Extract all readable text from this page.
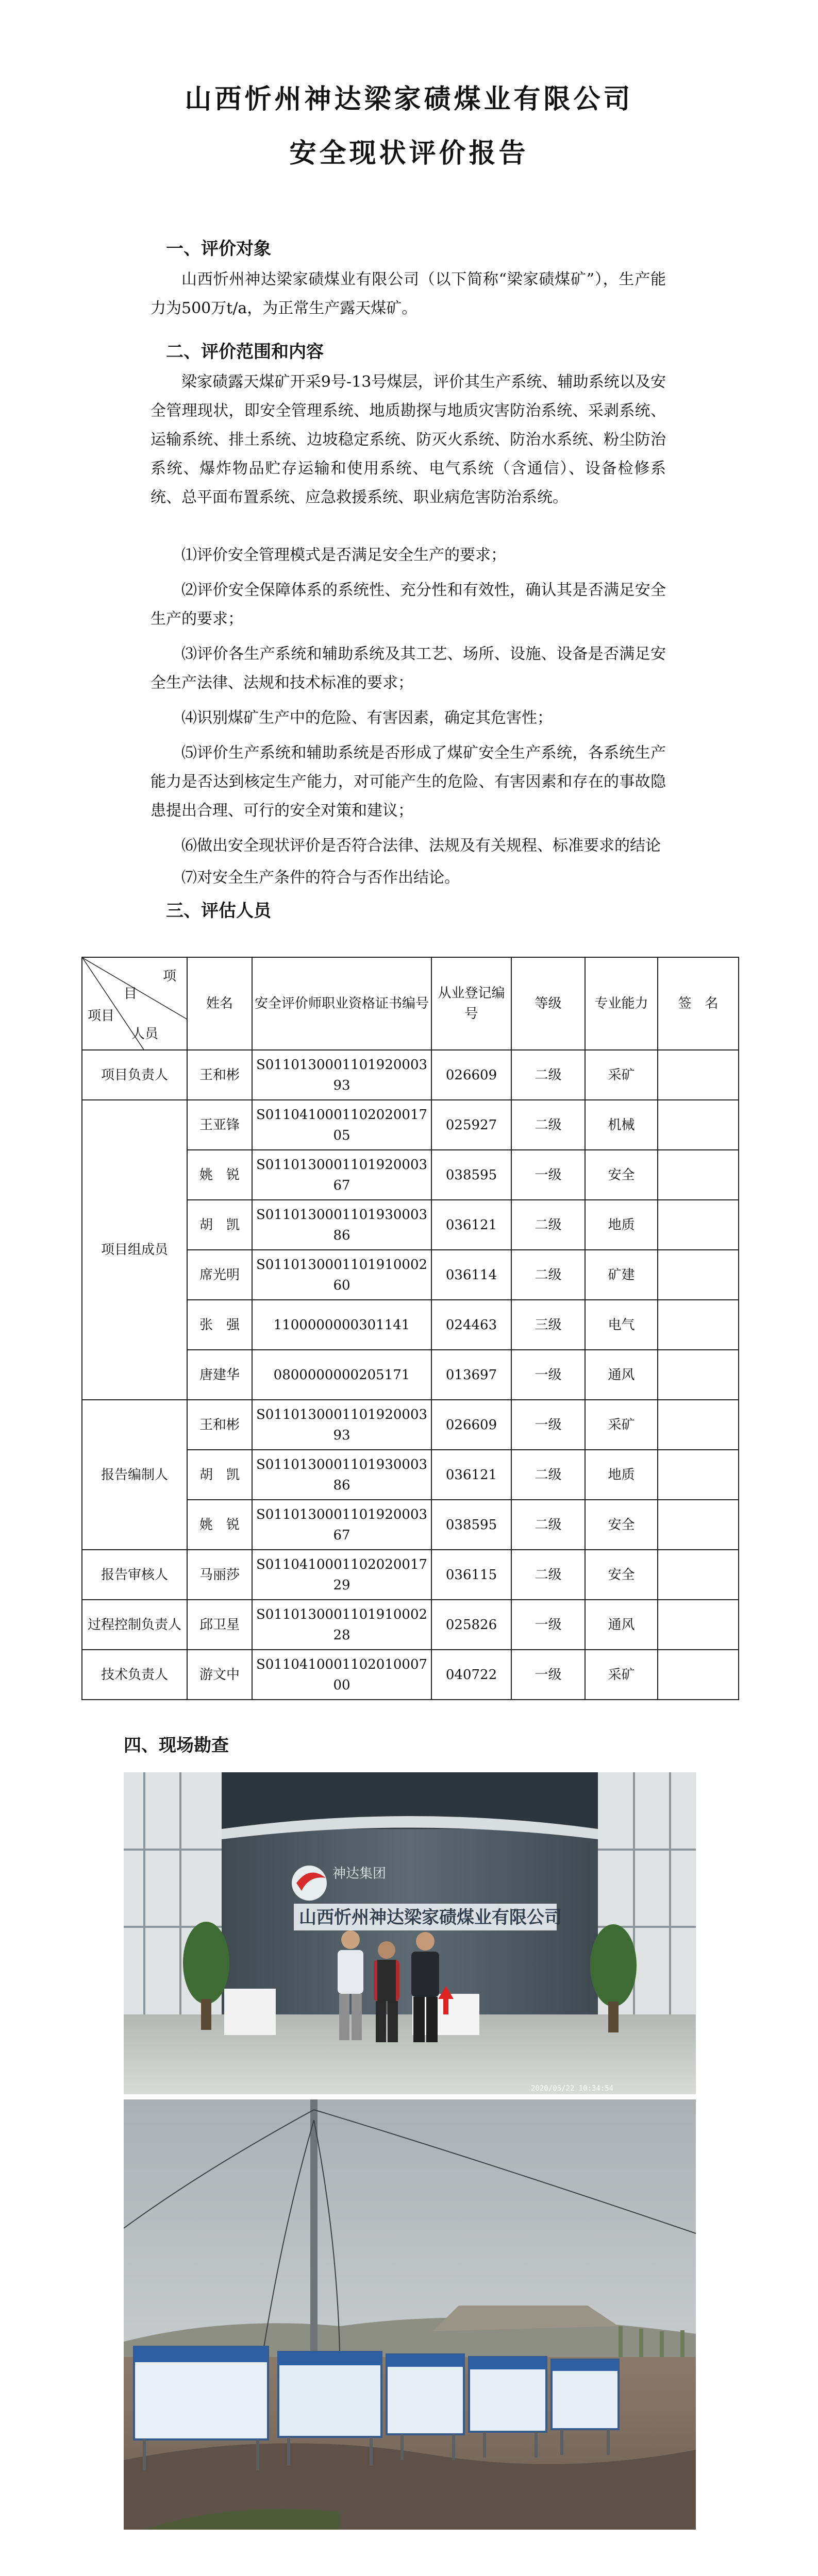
山西忻州神达梁家碛煤业有限公司
安全现状评价报告
一、评价对象
山西忻州神达梁家碛煤业有限公司（以下简称“梁家碛煤矿”），生产能力为500万t/a，为正常生产露天煤矿。
二、评价范围和内容
梁家碛露天煤矿开采9号-13号煤层，评价其生产系统、辅助系统以及安全管理现状，即安全管理系统、地质勘探与地质灾害防治系统、采剥系统、运输系统、排土系统、边坡稳定系统、防灭火系统、防治水系统、粉尘防治系统、爆炸物品贮存运输和使用系统、电气系统（含通信）、设备检修系统、总平面布置系统、应急救援系统、职业病危害防治系统。
⑴评价安全管理模式是否满足安全生产的要求；
⑵评价安全保障体系的系统性、充分性和有效性，确认其是否满足安全生产的要求；
⑶评价各生产系统和辅助系统及其工艺、场所、设施、设备是否满足安全生产法律、法规和技术标准的要求；
⑷识别煤矿生产中的危险、有害因素，确定其危害性；
⑸评价生产系统和辅助系统是否形成了煤矿安全生产系统，各系统生产能力是否达到核定生产能力，对可能产生的危险、有害因素和存在的事故隐患提出合理、可行的安全对策和建议；
⑹做出安全现状评价是否符合法律、法规及有关规程、标准要求的结论
⑺对安全生产条件的符合与否作出结论。
三、评估人员
项
目
项目
人员	姓名	安全评价师职业资格证书编号	从业登记编号	等级	专业能力	签　名
项目负责人	王和彬	S011013000110192000393	026609	二级	采矿	
项目组成员	王亚锋	S011041000110202001705	025927	二级	机械	
	姚　锐	S011013000110192000367	038595	一级	安全	
	胡　凯	S011013000110193000386	036121	二级	地质	
	席光明	S011013000110191000260	036114	二级	矿建	
	张　强	1100000000301141	024463	三级	电气	
	唐建华	0800000000205171	013697	一级	通风	
报告编制人	王和彬	S011013000110192000393	026609	一级	采矿	
	胡　凯	S011013000110193000386	036121	二级	地质	
	姚　锐	S011013000110192000367	038595	二级	安全	
报告审核人	马丽莎	S011041000110202001729	036115	二级	安全	
过程控制负责人	邱卫星	S011013000110191000228	025826	一级	通风	
技术负责人	游文中	S011041000110201000700	040722	一级	采矿	
四、现场勘查
神达集团
山西忻州神达梁家碛煤业有限公司
2020/05/22 10:34:54
